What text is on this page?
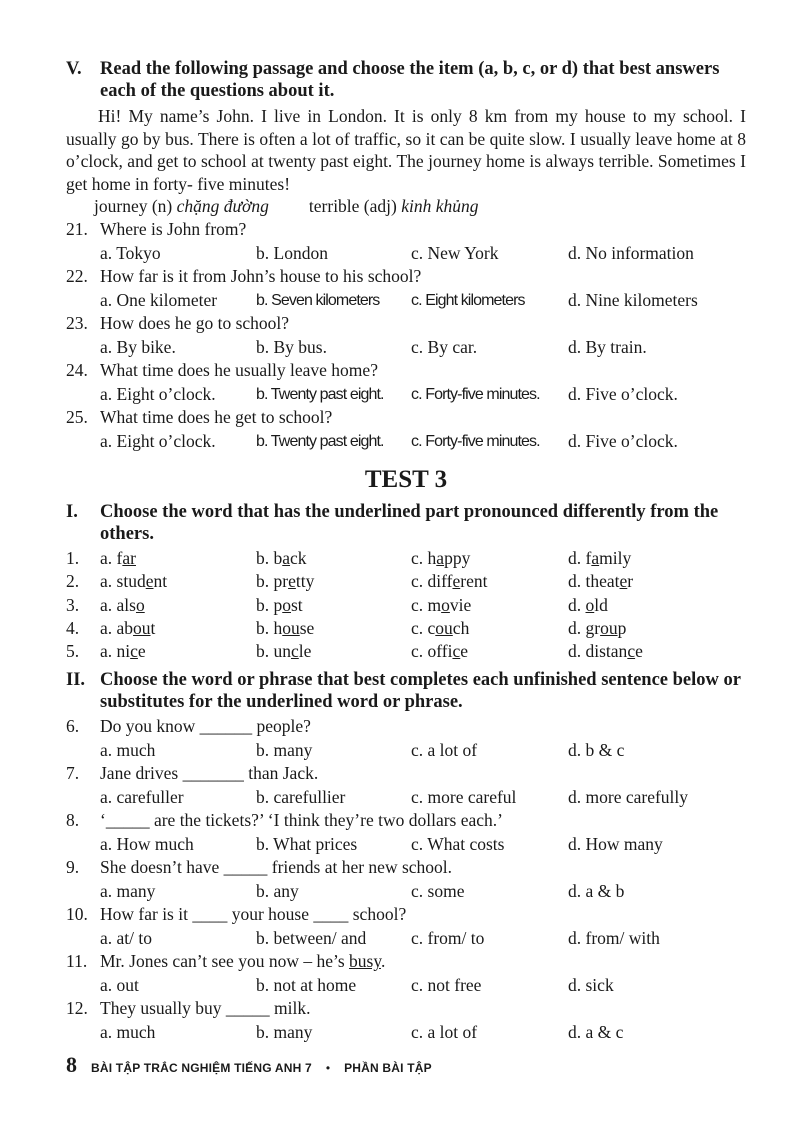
V. Read the following passage and choose the item (a, b, c, or d) that best answers each of the questions about it.
Hi! My name’s John. I live in London. It is only 8 km from my house to my school. I usually go by bus. There is often a lot of traffic, so it can be quite slow. I usually leave home at 8 o’clock, and get to school at twenty past eight. The journey home is always terrible. Sometimes I get home in forty- five minutes!
journey (n) chặng đường terrible (adj) kinh khủng
21. Where is John from?
a. Tokyo	b. London	c. New York	d. No information
22. How far is it from John’s house to his school?
a. One kilometer	b. Seven kilometers	c. Eight kilometers	d. Nine kilometers
23. How does he go to school?
a. By bike.	b. By bus.	c. By car.	d. By train.
24. What time does he usually leave home?
a. Eight o’clock.	b. Twenty past eight.	c. Forty-five minutes.	d. Five o’clock.
25. What time does he get to school?
a. Eight o’clock.	b. Twenty past eight.	c. Forty-five minutes.	d. Five o’clock.
TEST 3
I.	Choose the word that has the underlined part pronounced differently from the others.
1.	a. far	b. back	c. happy	d. family
2.	a. student	b. pretty	c. different	d. theater
3.	a. also	b. post	c. movie	d. old
4.	a. about	b. house	c. couch	d. group
5.	a. nice	b. uncle	c. office	d. distance
II. Choose the word or phrase that best completes each unfinished sentence below or substitutes for the underlined word or phrase.
6.	Do you know ______ people?
a. much	b. many	c. a lot of	d. b & c
7.	Jane drives _______ than Jack.
a. carefuller	b. carefullier	c. more careful	d. more carefully
8.	‘_____ are the tickets?’ ‘I think they’re two dollars each.’
a. How much	b. What prices	c. What costs	d. How many
9.	She doesn’t have _____ friends at her new school.
a. many	b. any	c. some	d. a & b
10. How far is it ____ your house ____ school?
a. at/ to	b. between/ and	c. from/ to	d. from/ with
11. Mr. Jones can’t see you now – he’s busy.
a. out	b. not at home	c. not free	d. sick
12. They usually buy _____ milk.
a. much	b. many	c. a lot of	d. a & c
8 BÀI TẬP TRẮC NGHIỆM TIẾNG ANH 7 • PHẦN BÀI TẬP
